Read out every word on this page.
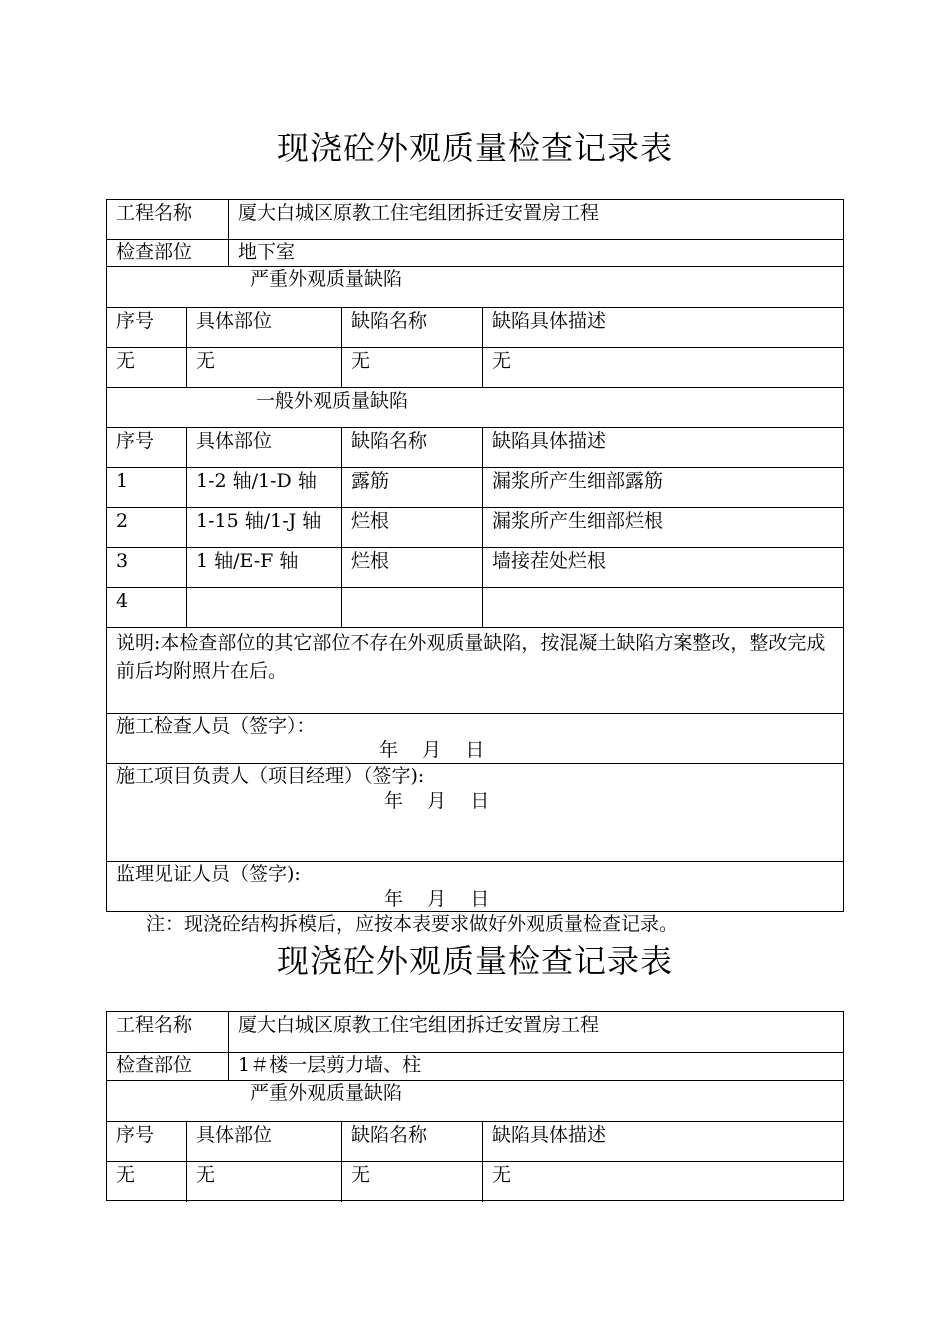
现浇砼外观质量检查记录表
工程名称	厦大白城区原教工住宅组团拆迁安置房工程
检查部位	地下室
严重外观质量缺陷
序号	具体部位	缺陷名称	缺陷具体描述
无	无	无	无
一般外观质量缺陷
序号	具体部位	缺陷名称	缺陷具体描述
1	1-2 轴/1-D 轴	露筋	漏浆所产生细部露筋
2	1-15 轴/1-J 轴	烂根	漏浆所产生细部烂根
3	1 轴/E-F 轴	烂根	墙接茬处烂根
4
说明:本检查部位的其它部位不存在外观质量缺陷，按混凝土缺陷方案整改，整改完成前后均附照片在后。
施工检查人员（签字）：
年    月    日
施工项目负责人（项目经理）（签字):
年    月    日
监理见证人员（签字):
年    月    日
注：现浇砼结构拆模后，应按本表要求做好外观质量检查记录。
现浇砼外观质量检查记录表
工程名称	厦大白城区原教工住宅组团拆迁安置房工程
检查部位	1＃楼一层剪力墙、柱
严重外观质量缺陷
序号	具体部位	缺陷名称	缺陷具体描述
无	无	无	无
